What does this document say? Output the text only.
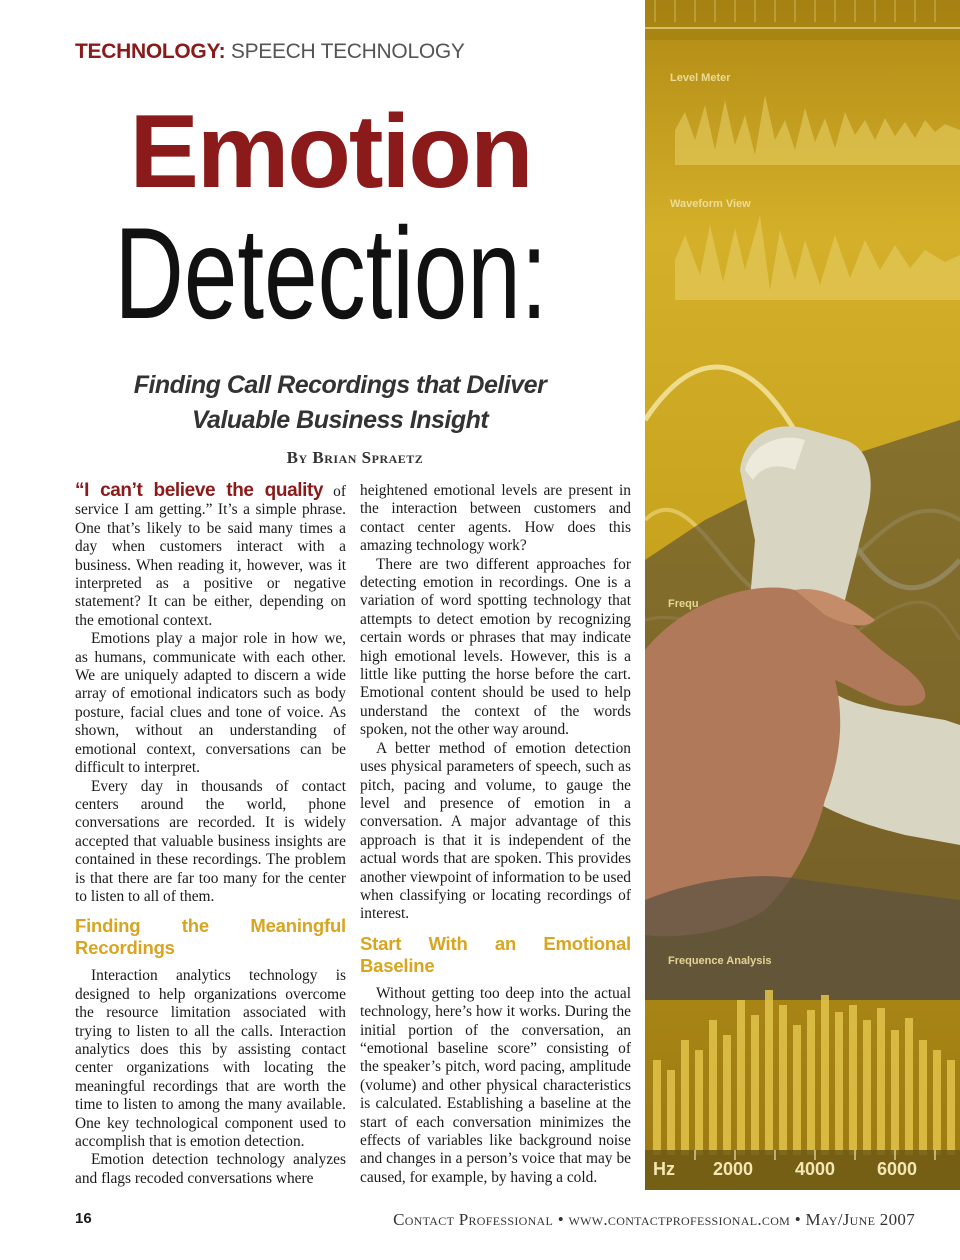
TECHNOLOGY: SPEECH TECHNOLOGY
Emotion
Detection:
Finding Call Recordings that Deliver
Valuable Business Insight
By Brian Spraetz

“I can’t believe the quality of service I am getting.” It’s a simple phrase. One that’s likely to be said many times a day when customers interact with a business. When reading it, however, was it interpreted as a positive or negative statement? It can be either, depending on the emotional context.

Emotions play a major role in how we, as humans, communicate with each other. We are uniquely adapted to discern a wide array of emotional indicators such as body posture, facial clues and tone of voice. As shown, without an understanding of emotional context, conversations can be difficult to interpret.

Every day in thousands of contact centers around the world, phone conversations are recorded. It is widely accepted that valuable business insights are contained in these recordings. The problem is that there are far too many for the center to listen to all of them.

Finding the Meaningful Recordings

Interaction analytics technology is designed to help organizations overcome the resource limitation associated with trying to listen to all the calls. Interaction analytics does this by assisting contact center organizations with locating the meaningful recordings that are worth the time to listen to among the many available. One key technological component used to accomplish that is emotion detection.

Emotion detection technology analyzes and flags recoded conversations where

heightened emotional levels are present in the interaction between customers and contact center agents. How does this amazing technology work?

There are two different approaches for detecting emotion in recordings. One is a variation of word spotting technology that attempts to detect emotion by recognizing certain words or phrases that may indicate high emotional levels. However, this is a little like putting the horse before the cart. Emotional content should be used to help understand the context of the words spoken, not the other way around.

A better method of emotion detection uses physical parameters of speech, such as pitch, pacing and volume, to gauge the level and presence of emotion in a conversation. A major advantage of this approach is that it is independent of the actual words that are spoken. This provides another viewpoint of information to be used when classifying or locating recordings of interest.

Start With an Emotional Baseline

Without getting too deep into the actual technology, here’s how it works. During the initial portion of the conversation, an “emotional baseline score” consisting of the speaker’s pitch, word pacing, amplitude (volume) and other physical characteristics is calculated. Establishing a baseline at the start of each conversation minimizes the effects of variables like background noise and changes in a person’s voice that may be caused, for example, by having a cold.

Level Meter
Waveform View
Frequ
Frequence Analysis
Hz 2000 4000 6000
16	Contact Professional • www.contactprofessional.com • May/June 2007
